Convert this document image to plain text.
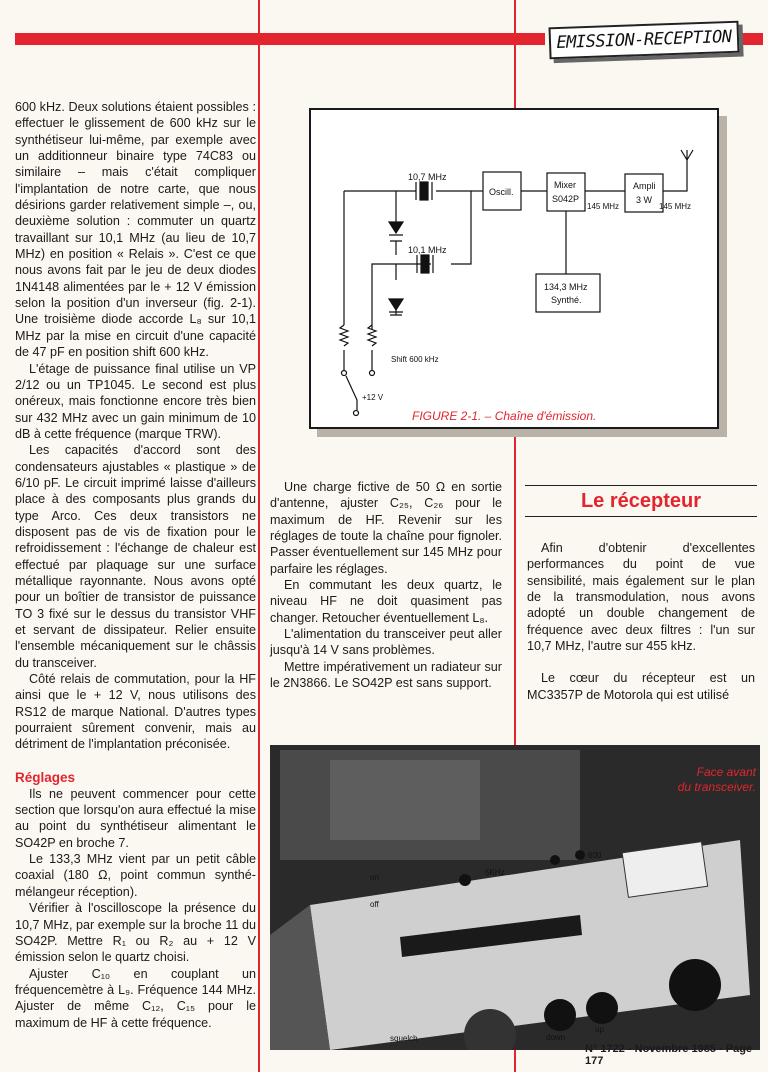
EMISSION-RECEPTION

600 kHz. Deux solutions étaient possibles : effectuer le glissement de 600 kHz sur le synthétiseur lui-même, par exemple avec un additionneur binaire type 74C83 ou similaire – mais c'était compliquer l'implantation de notre carte, que nous désirions garder relativement simple –, ou, deuxième solution : commuter un quartz travaillant sur 10,1 MHz (au lieu de 10,7 MHz) en position « Relais ». C'est ce que nous avons fait par le jeu de deux diodes 1N4148 alimentées par le + 12 V émission selon la position d'un inverseur (fig. 2-1). Une troisième diode accorde L₈ sur 10,1 MHz par la mise en circuit d'une capacité de 47 pF en position shift 600 kHz.

L'étage de puissance final utilise un VP 2/12 ou un TP1045. Le second est plus onéreux, mais fonctionne encore très bien sur 432 MHz avec un gain minimum de 10 dB à cette fréquence (marque TRW).

Les capacités d'accord sont des condensateurs ajustables « plastique » de 6/10 pF. Le circuit imprimé laisse d'ailleurs place à des composants plus grands du type Arco. Ces deux transistors ne disposent pas de vis de fixation pour le refroidissement : l'échange de chaleur est effectué par plaquage sur une surface métallique rayonnante. Nous avons opté pour un boîtier de transistor de puissance TO 3 fixé sur le dessus du transistor VHF et servant de dissipateur. Relier ensuite l'ensemble mécaniquement sur le châssis du transceiver.

Côté relais de commutation, pour la HF ainsi que le + 12 V, nous utilisons des RS12 de marque National. D'autres types pourraient sûrement convenir, mais au détriment de l'implantation préconisée.

Réglages

Ils ne peuvent commencer pour cette section que lorsqu'on aura effectué la mise au point du synthétiseur alimentant le SO42P en broche 7.

Le 133,3 MHz vient par un petit câble coaxial (180 Ω, point commun synthé-mélangeur réception).

Vérifier à l'oscilloscope la présence du 10,7 MHz, par exemple sur la broche 11 du SO42P. Mettre R₁ ou R₂ au + 12 V émission selon le quartz choisi.

Ajuster C₁₀ en couplant un fréquencemètre à L₉. Fréquence 144 MHz. Ajuster de même C₁₂, C₁₅ pour le maximum de HF à cette fréquence.

10,7 MHz
10,1 MHz
Oscill.
Mixer
S042P
145 MHz
Ampli
3 W
145 MHz
134,3 MHz
Synthé.
Shift 600 kHz
+12 V
FIGURE 2-1. – Chaîne d'émission.

Une charge fictive de 50 Ω en sortie d'antenne, ajuster C₂₅, C₂₆ pour le maximum de HF. Revenir sur les réglages de toute la chaîne pour fignoler. Passer éventuellement sur 145 MHz pour parfaire les réglages.

En commutant les deux quartz, le niveau HF ne doit quasiment pas changer. Retoucher éventuellement L₈.

L'alimentation du transceiver peut aller jusqu'à 14 V sans problèmes.

Mettre impérativement un radiateur sur le 2N3866. Le SO42P est sans support.

Le récepteur

Afin d'obtenir d'excellentes performances du point de vue sensibilité, mais également sur le plan de la transmodulation, nous avons adopté un double changement de fréquence avec deux filtres : l'un sur 10,7 MHz, l'autre sur 455 kHz.

Le cœur du récepteur est un MC3357P de Motorola qui est utilisé

on
off
5KHz
600
squelch	down
up
Face avant
du transceiver.
N° 1722 - Novembre 1985 - Page 177
